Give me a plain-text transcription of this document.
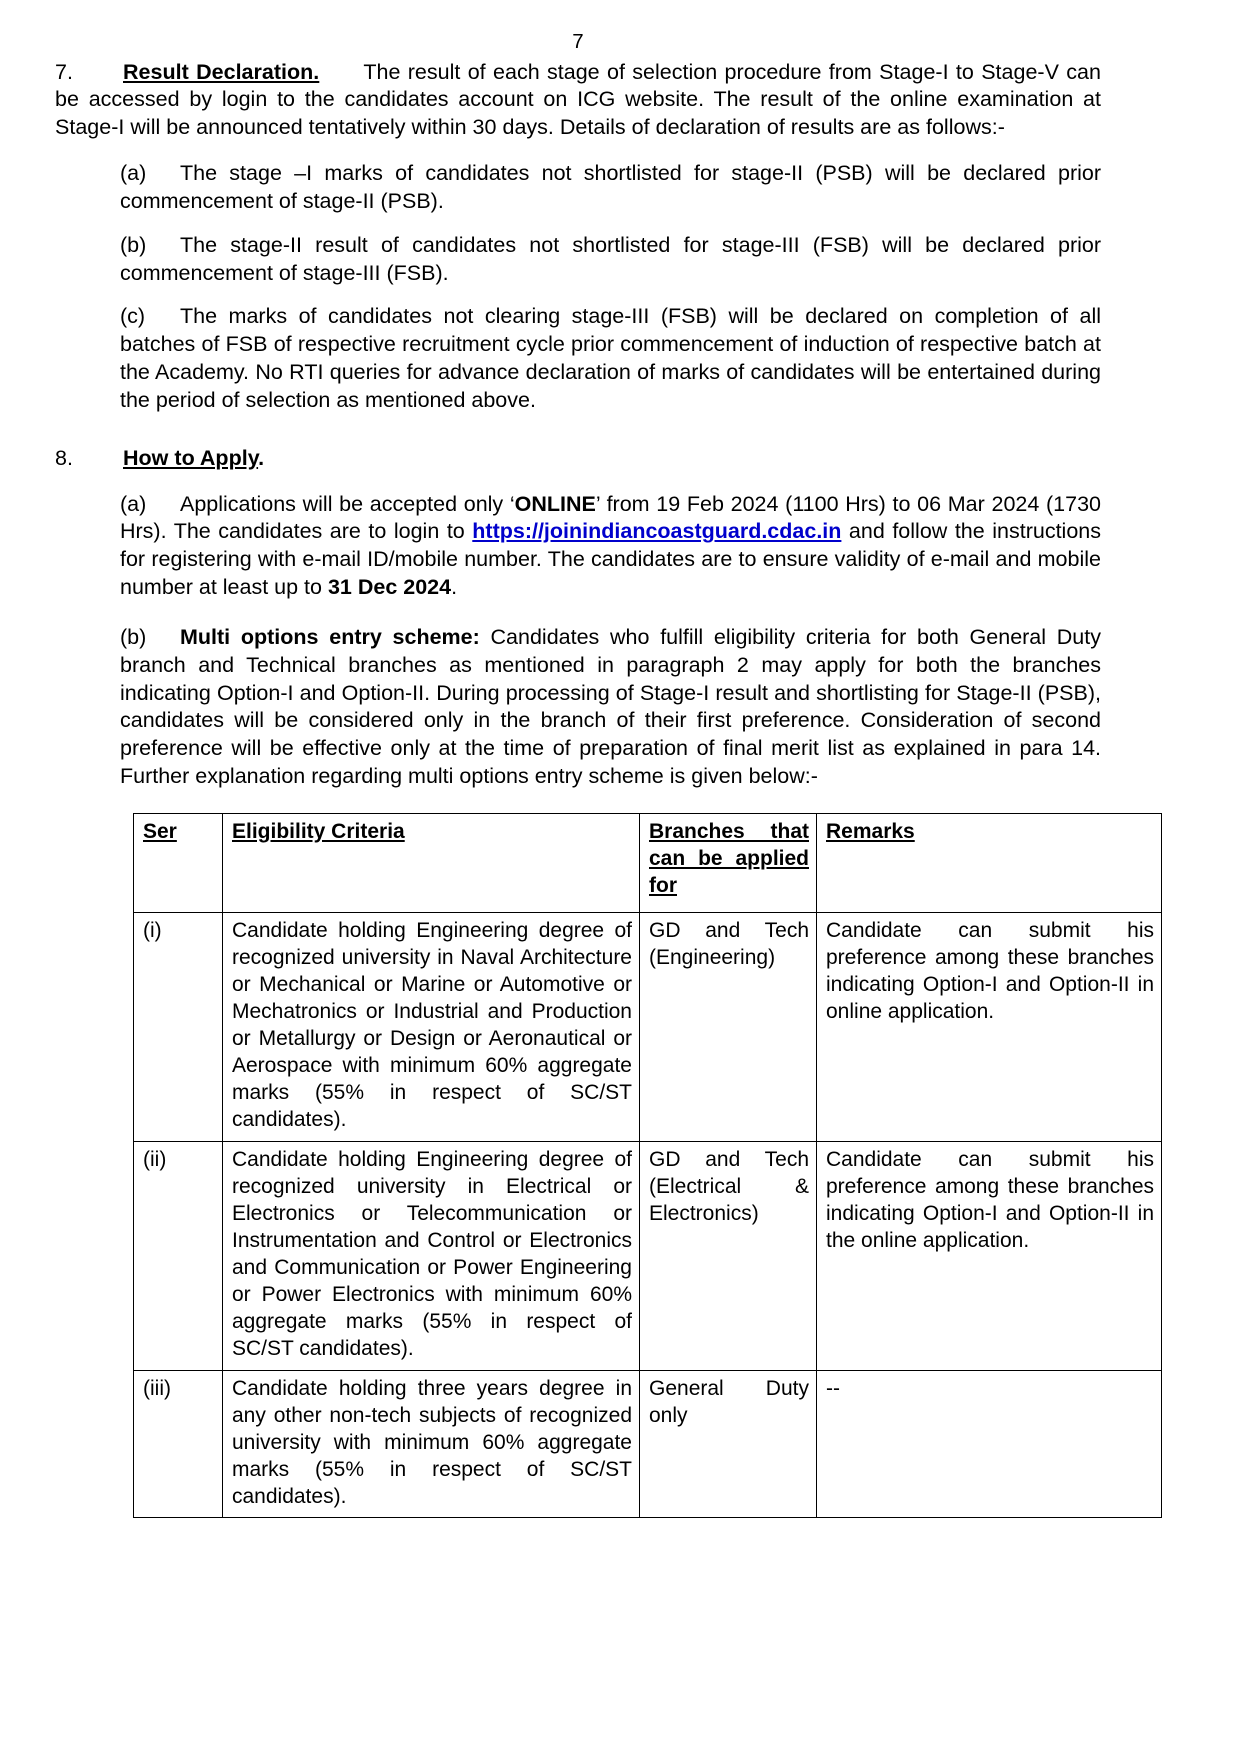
7
7. Result Declaration. The result of each stage of selection procedure from Stage-I to Stage-V can be accessed by login to the candidates account on ICG website. The result of the online examination at Stage-I will be announced tentatively within 30 days. Details of declaration of results are as follows:-
(a) The stage –I marks of candidates not shortlisted for stage-II (PSB) will be declared prior commencement of stage-II (PSB).
(b) The stage-II result of candidates not shortlisted for stage-III (FSB) will be declared prior commencement of stage-III (FSB).
(c) The marks of candidates not clearing stage-III (FSB) will be declared on completion of all batches of FSB of respective recruitment cycle prior commencement of induction of respective batch at the Academy. No RTI queries for advance declaration of marks of candidates will be entertained during the period of selection as mentioned above.
8. How to Apply.
(a) Applications will be accepted only ‘ONLINE’ from 19 Feb 2024 (1100 Hrs) to 06 Mar 2024 (1730 Hrs). The candidates are to login to https://joinindiancoastguard.cdac.in and follow the instructions for registering with e-mail ID/mobile number. The candidates are to ensure validity of e-mail and mobile number at least up to 31 Dec 2024.
(b) Multi options entry scheme: Candidates who fulfill eligibility criteria for both General Duty branch and Technical branches as mentioned in paragraph 2 may apply for both the branches indicating Option-I and Option-II. During processing of Stage-I result and shortlisting for Stage-II (PSB), candidates will be considered only in the branch of their first preference. Consideration of second preference will be effective only at the time of preparation of final merit list as explained in para 14. Further explanation regarding multi options entry scheme is given below:-
Ser	Eligibility Criteria	Branches that can be applied for	Remarks
(i)	Candidate holding Engineering degree of recognized university in Naval Architecture or Mechanical or Marine or Automotive or Mechatronics or Industrial and Production or Metallurgy or Design or Aeronautical or Aerospace with minimum 60% aggregate marks (55% in respect of SC/ST candidates).	GD and Tech (Engineering)	Candidate can submit his preference among these branches indicating Option-I and Option-II in online application.
(ii)	Candidate holding Engineering degree of recognized university in Electrical or Electronics or Telecommunication or Instrumentation and Control or Electronics and Communication or Power Engineering or Power Electronics with minimum 60% aggregate marks (55% in respect of SC/ST candidates).	GD and Tech (Electrical & Electronics)	Candidate can submit his preference among these branches indicating Option-I and Option-II in the online application.
(iii)	Candidate holding three years degree in any other non-tech subjects of recognized university with minimum 60% aggregate marks (55% in respect of SC/ST candidates).	General Duty only	--
